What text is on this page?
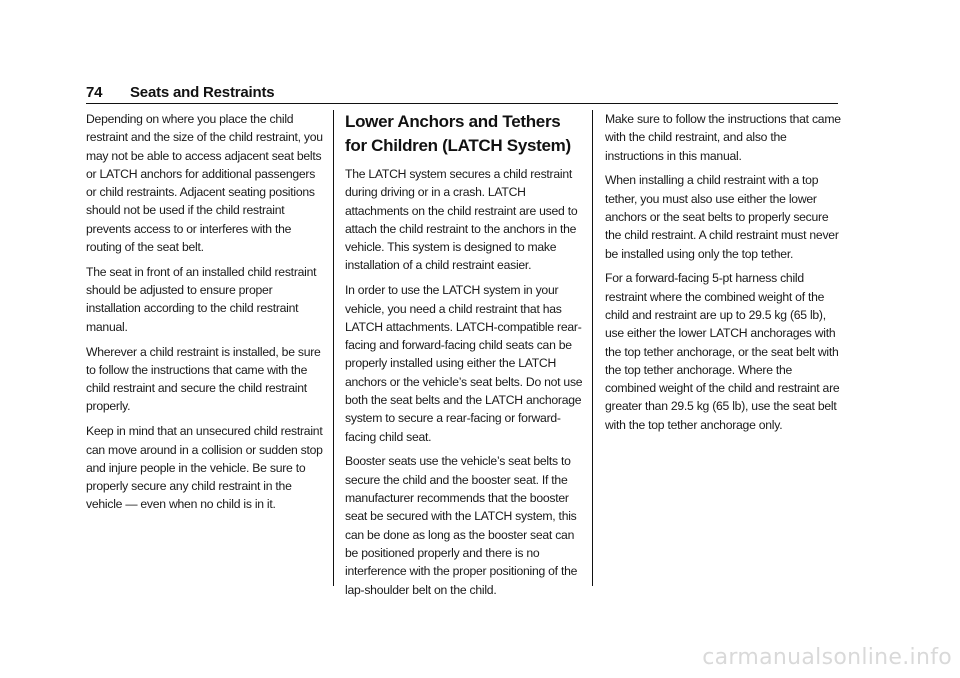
74 Seats and Restraints

Depending on where you place the child restraint and the size of the child restraint, you may not be able to access adjacent seat belts or LATCH anchors for additional passengers or child restraints. Adjacent seating positions should not be used if the child restraint prevents access to or interferes with the routing of the seat belt.

The seat in front of an installed child restraint should be adjusted to ensure proper installation according to the child restraint manual.

Wherever a child restraint is installed, be sure to follow the instructions that came with the child restraint and secure the child restraint properly.

Keep in mind that an unsecured child restraint can move around in a collision or sudden stop and injure people in the vehicle. Be sure to properly secure any child restraint in the vehicle — even when no child is in it.

Lower Anchors and Tethers for Children (LATCH System)

The LATCH system secures a child restraint during driving or in a crash. LATCH attachments on the child restraint are used to attach the child restraint to the anchors in the vehicle. This system is designed to make installation of a child restraint easier.

In order to use the LATCH system in your vehicle, you need a child restraint that has LATCH attachments. LATCH-compatible rear-facing and forward-facing child seats can be properly installed using either the LATCH anchors or the vehicle’s seat belts. Do not use both the seat belts and the LATCH anchorage system to secure a rear-facing or forward-facing child seat.

Booster seats use the vehicle’s seat belts to secure the child and the booster seat. If the manufacturer recommends that the booster seat be secured with the LATCH system, this can be done as long as the booster seat can be positioned properly and there is no interference with the proper positioning of the lap-shoulder belt on the child.

Make sure to follow the instructions that came with the child restraint, and also the instructions in this manual.

When installing a child restraint with a top tether, you must also use either the lower anchors or the seat belts to properly secure the child restraint. A child restraint must never be installed using only the top tether.

For a forward-facing 5-pt harness child restraint where the combined weight of the child and restraint are up to 29.5 kg (65 lb), use either the lower LATCH anchorages with the top tether anchorage, or the seat belt with the top tether anchorage. Where the combined weight of the child and restraint are greater than 29.5 kg (65 lb), use the seat belt with the top tether anchorage only.

carmanualsonline.info
